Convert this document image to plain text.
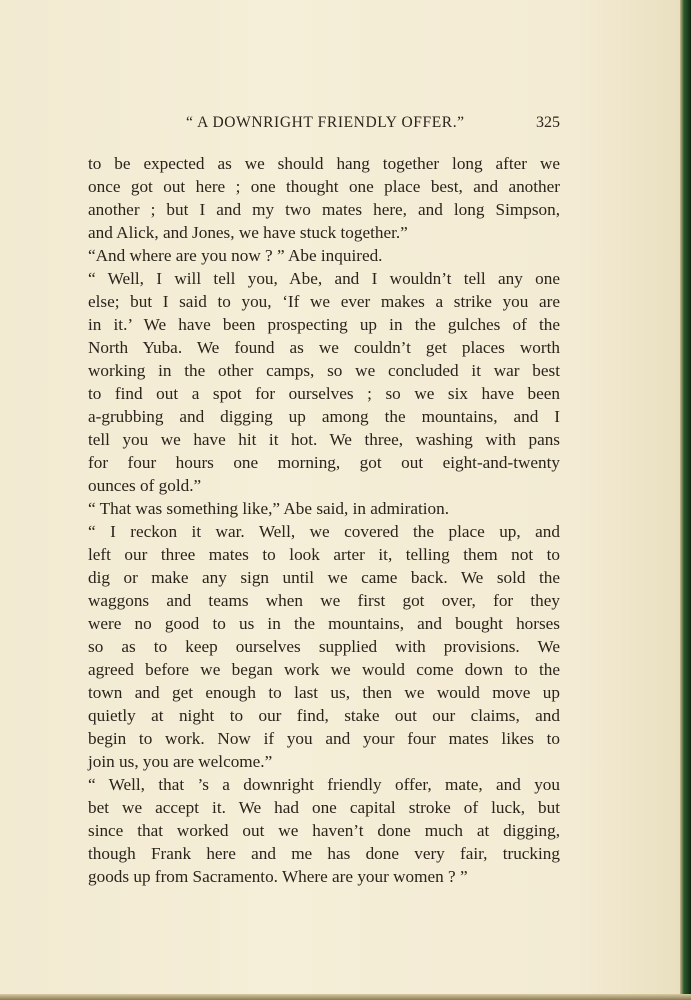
“ A DOWNRIGHT FRIENDLY OFFER.”	325
to be expected as we should hang together long after we
once got out here ; one thought one place best, and another
another ; but I and my two mates here, and long Simpson,
and Alick, and Jones, we have stuck together.”
“And where are you now ? ” Abe inquired.
“ Well, I will tell you, Abe, and I wouldn’t tell any one
else; but I said to you, ‘If we ever makes a strike you are
in it.’ We have been prospecting up in the gulches of the
North Yuba. We found as we couldn’t get places worth
working in the other camps, so we concluded it war best
to find out a spot for ourselves ; so we six have been
a-grubbing and digging up among the mountains, and I
tell you we have hit it hot. We three, washing with pans
for four hours one morning, got out eight-and-twenty
ounces of gold.”
“ That was something like,” Abe said, in admiration.
“ I reckon it war. Well, we covered the place up, and
left our three mates to look arter it, telling them not to
dig or make any sign until we came back. We sold the
waggons and teams when we first got over, for they
were no good to us in the mountains, and bought horses
so as to keep ourselves supplied with provisions. We
agreed before we began work we would come down to the
town and get enough to last us, then we would move up
quietly at night to our find, stake out our claims, and
begin to work. Now if you and your four mates likes to
join us, you are welcome.”
“ Well, that ’s a downright friendly offer, mate, and you
bet we accept it. We had one capital stroke of luck, but
since that worked out we haven’t done much at digging,
though Frank here and me has done very fair, trucking
goods up from Sacramento. Where are your women ? ”
